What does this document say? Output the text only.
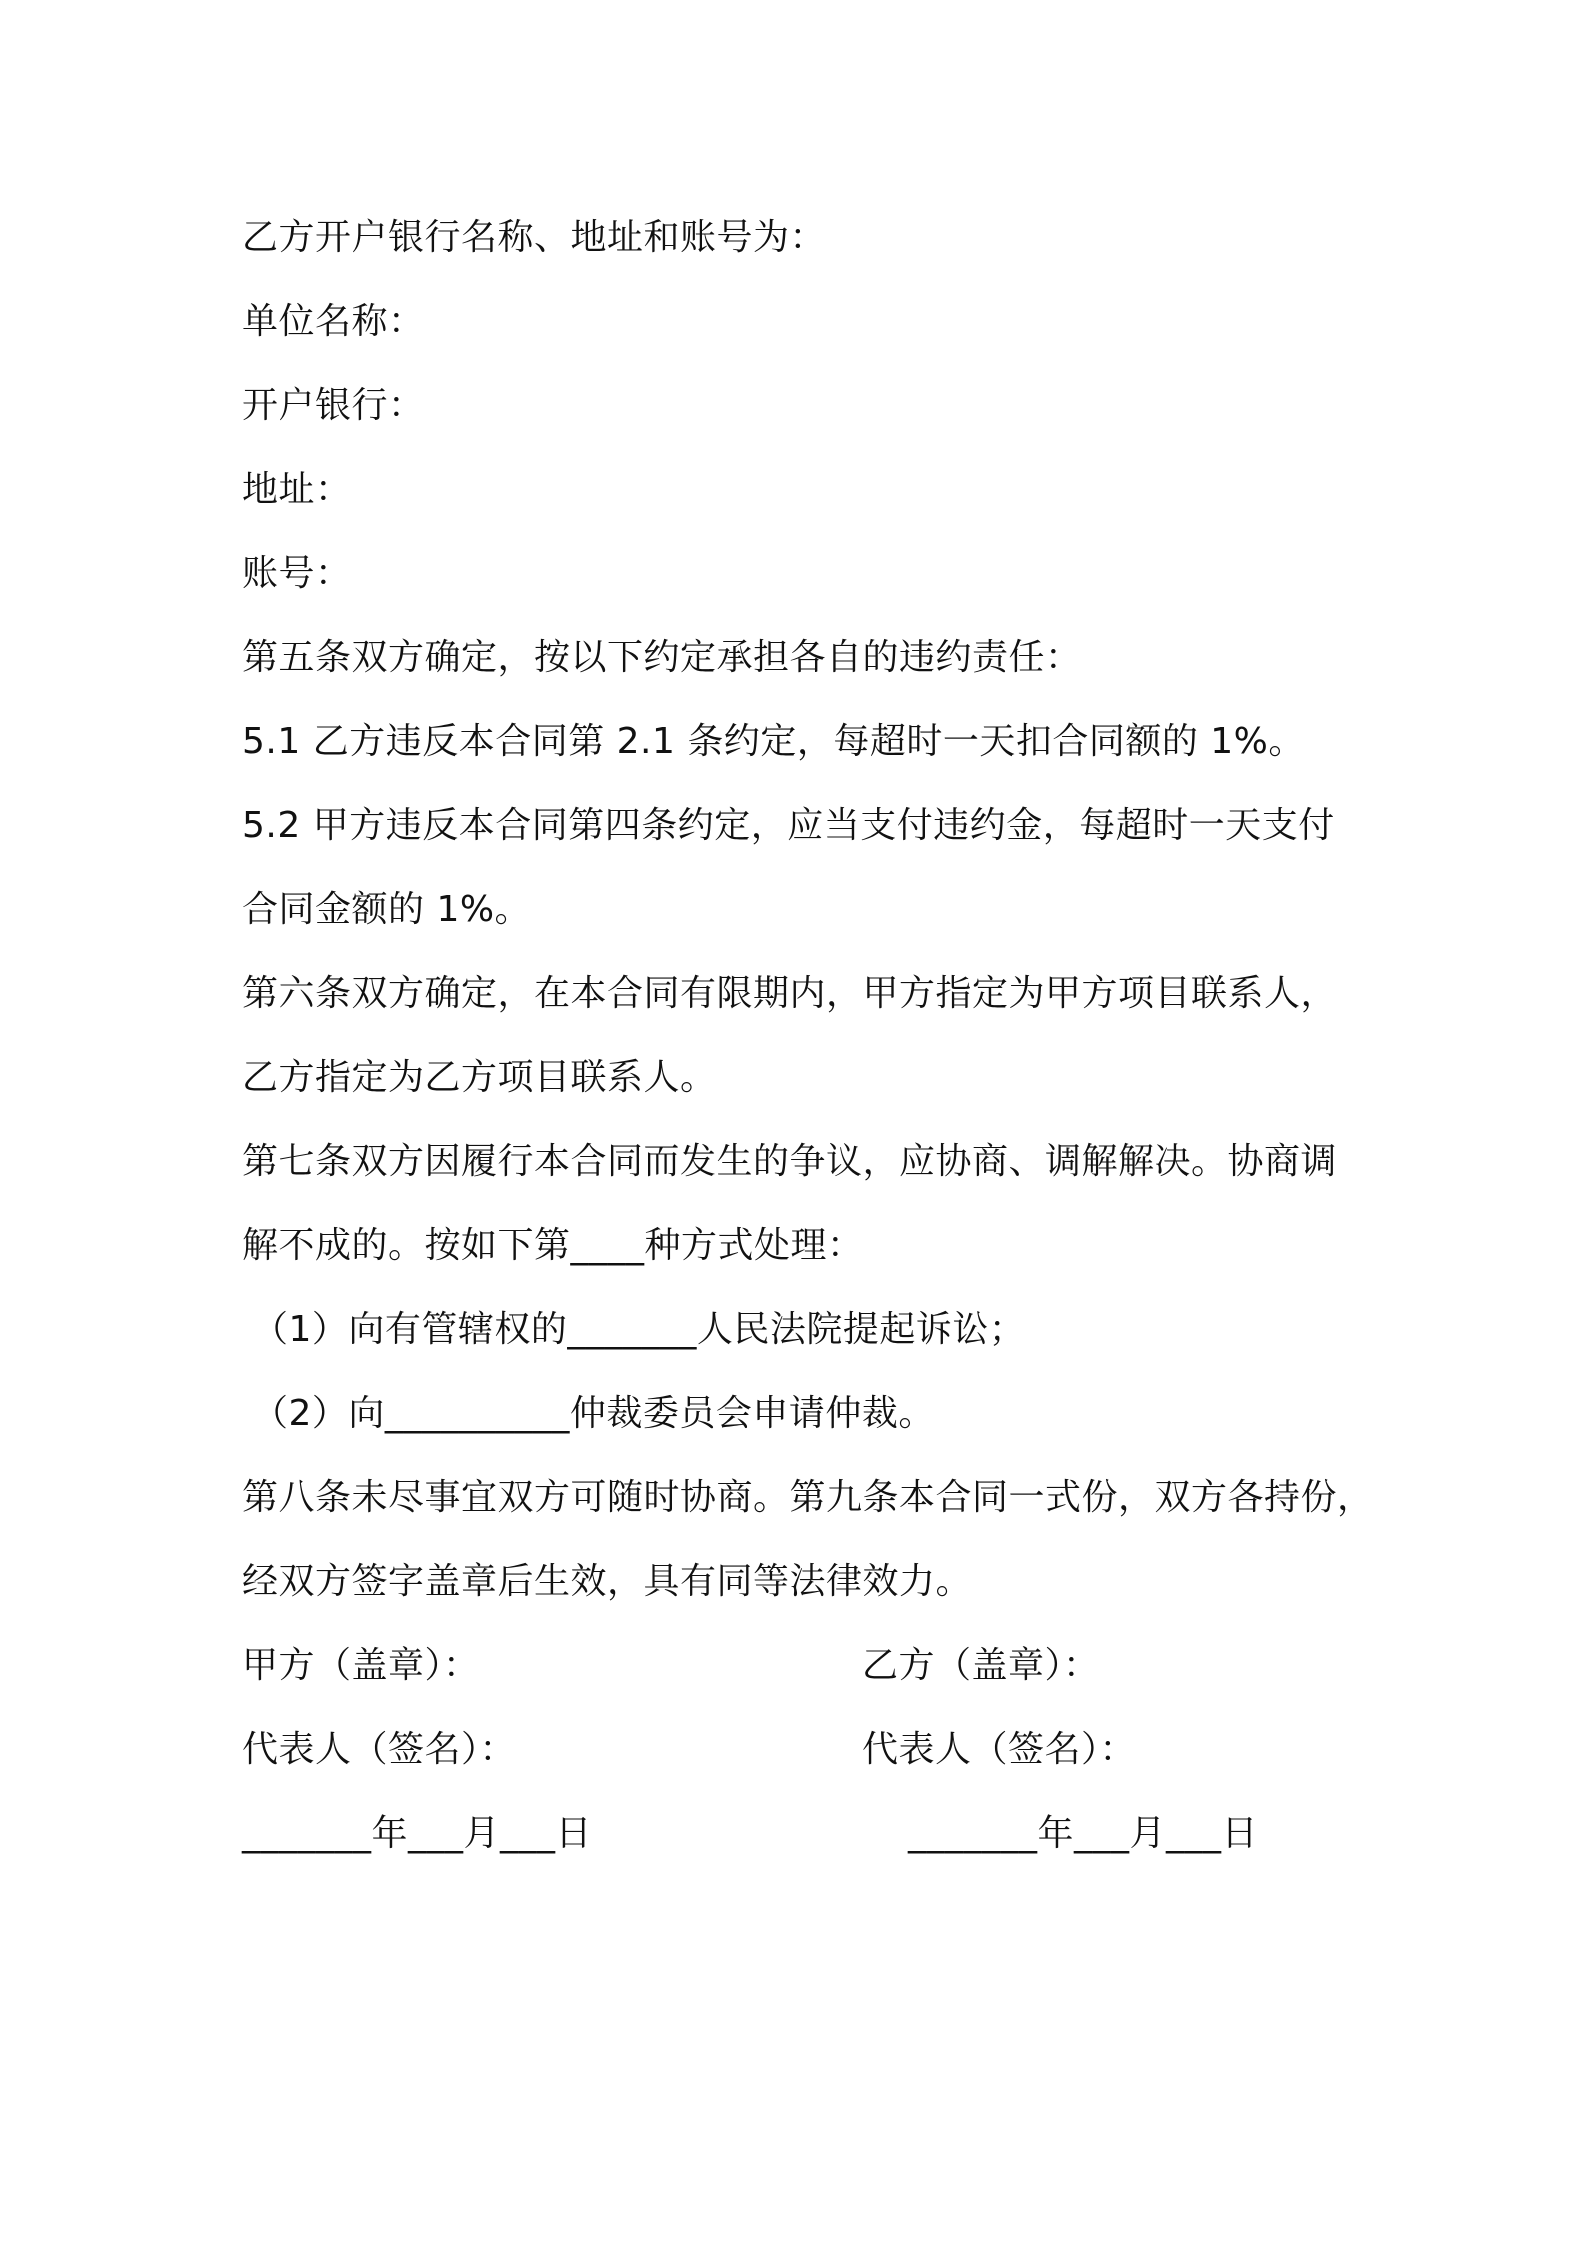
乙方开户银行名称、地址和账号为：
单位名称：
开户银行：
地址：
账号：
第五条双方确定，按以下约定承担各自的违约责任：
5.1 乙方违反本合同第 2.1 条约定，每超时一天扣合同额的 1%。
5.2 甲方违反本合同第四条约定，应当支付违约金，每超时一天支付
合同金额的 1%。
第六条双方确定，在本合同有限期内，甲方指定为甲方项目联系人，
乙方指定为乙方项目联系人。
第七条双方因履行本合同而发生的争议，应协商、调解解决。协商调
解不成的。按如下第____种方式处理：
（1）向有管辖权的_______人民法院提起诉讼；
（2）向__________仲裁委员会申请仲裁。
第八条未尽事宜双方可随时协商。第九条本合同一式份，双方各持份，
经双方签字盖章后生效，具有同等法律效力。
甲方（盖章）：	乙方（盖章）：
代表人（签名）：	代表人（签名）：
_______年___月___日	_______年___月___日
